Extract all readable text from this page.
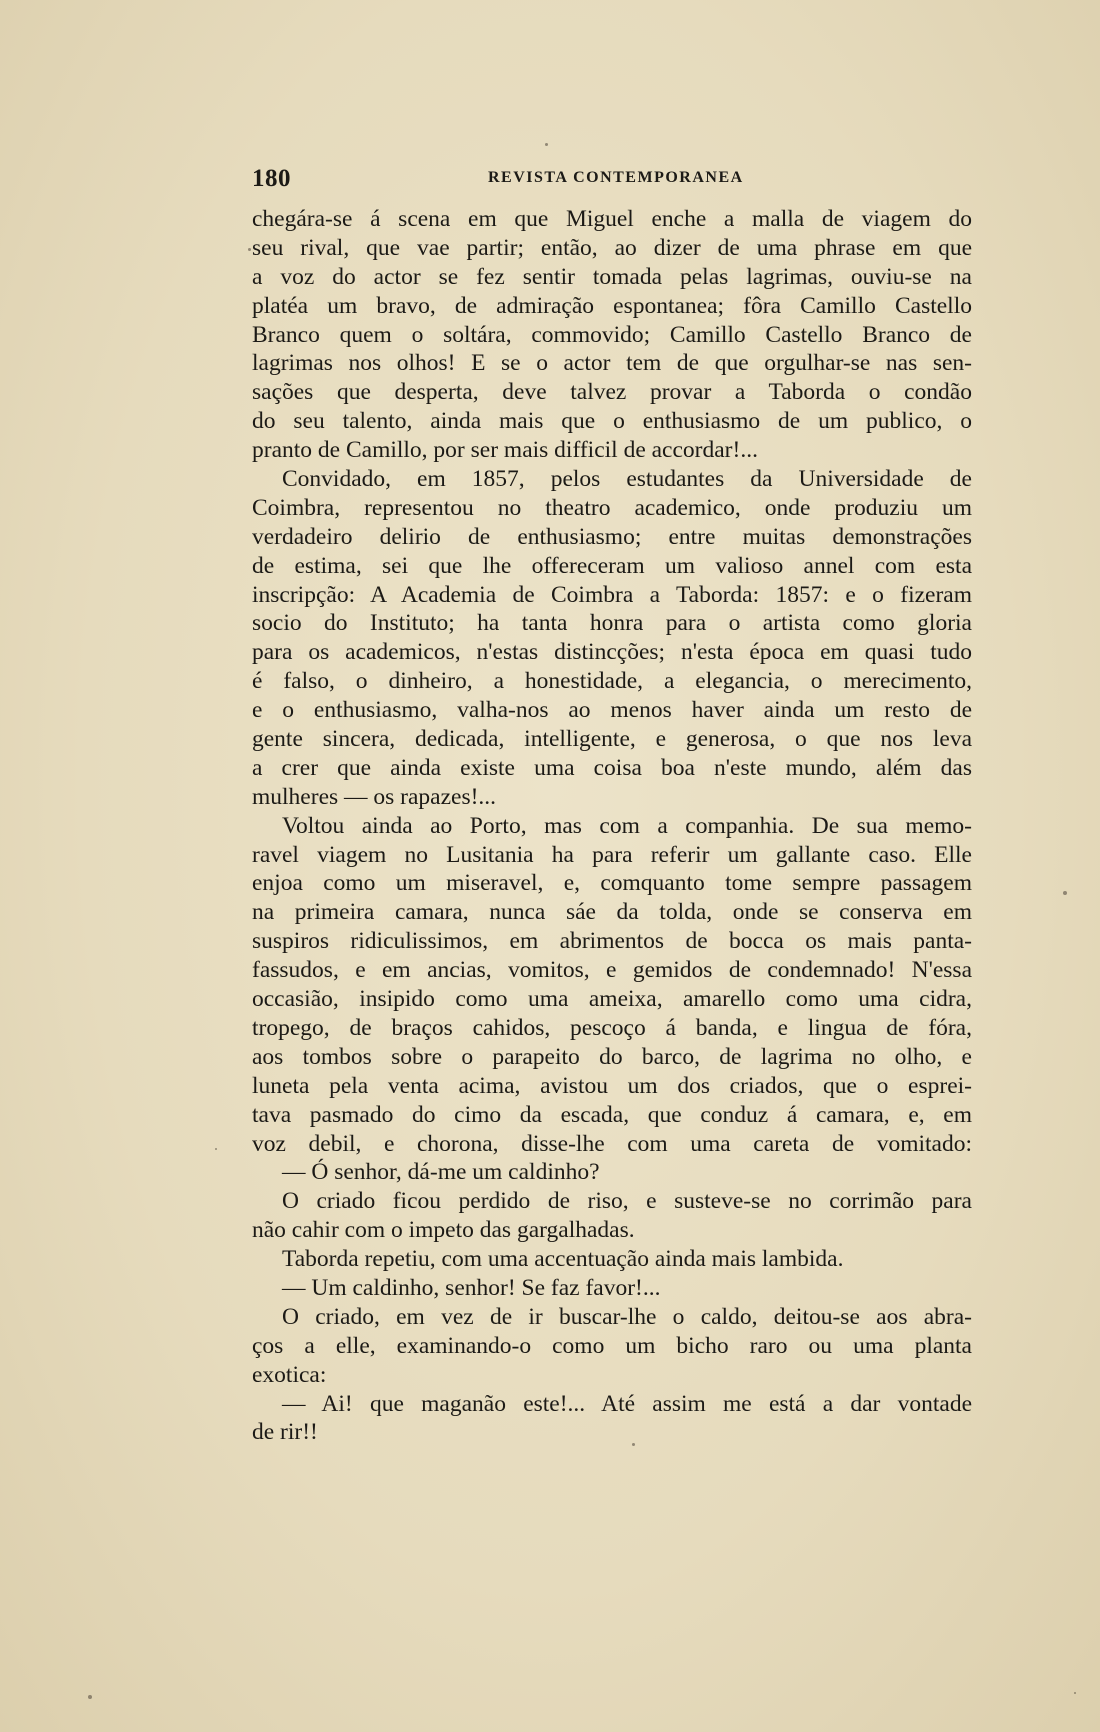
180	REVISTA CONTEMPORANEA
chegára-se á scena em que Miguel enche a malla de viagem do
seu rival, que vae partir; então, ao dizer de uma phrase em que
a voz do actor se fez sentir tomada pelas lagrimas, ouviu-se na
platéa um bravo, de admiração espontanea; fôra Camillo Castello
Branco quem o soltára, commovido; Camillo Castello Branco de
lagrimas nos olhos! E se o actor tem de que orgulhar-se nas sen-
sações que desperta, deve talvez provar a Taborda o condão
do seu talento, ainda mais que o enthusiasmo de um publico, o
pranto de Camillo, por ser mais difficil de accordar!...
Convidado, em 1857, pelos estudantes da Universidade de
Coimbra, representou no theatro academico, onde produziu um
verdadeiro delirio de enthusiasmo; entre muitas demonstrações
de estima, sei que lhe offereceram um valioso annel com esta
inscripção: A Academia de Coimbra a Taborda: 1857: e o fizeram
socio do Instituto; ha tanta honra para o artista como gloria
para os academicos, n'estas distincções; n'esta época em quasi tudo
é falso, o dinheiro, a honestidade, a elegancia, o merecimento,
e o enthusiasmo, valha-nos ao menos haver ainda um resto de
gente sincera, dedicada, intelligente, e generosa, o que nos leva
a crer que ainda existe uma coisa boa n'este mundo, além das
mulheres — os rapazes!...
Voltou ainda ao Porto, mas com a companhia. De sua memo-
ravel viagem no Lusitania ha para referir um gallante caso. Elle
enjoa como um miseravel, e, comquanto tome sempre passagem
na primeira camara, nunca sáe da tolda, onde se conserva em
suspiros ridiculissimos, em abrimentos de bocca os mais panta-
fassudos, e em ancias, vomitos, e gemidos de condemnado! N'essa
occasião, insipido como uma ameixa, amarello como uma cidra,
tropego, de braços cahidos, pescoço á banda, e lingua de fóra,
aos tombos sobre o parapeito do barco, de lagrima no olho, e
luneta pela venta acima, avistou um dos criados, que o esprei-
tava pasmado do cimo da escada, que conduz á camara, e, em
voz debil, e chorona, disse-lhe com uma careta de vomitado:
— Ó senhor, dá-me um caldinho?
O criado ficou perdido de riso, e susteve-se no corrimão para
não cahir com o impeto das gargalhadas.
Taborda repetiu, com uma accentuação ainda mais lambida.
— Um caldinho, senhor! Se faz favor!...
O criado, em vez de ir buscar-lhe o caldo, deitou-se aos abra-
ços a elle, examinando-o como um bicho raro ou uma planta
exotica:
— Ai! que maganão este!... Até assim me está a dar vontade
de rir!!
